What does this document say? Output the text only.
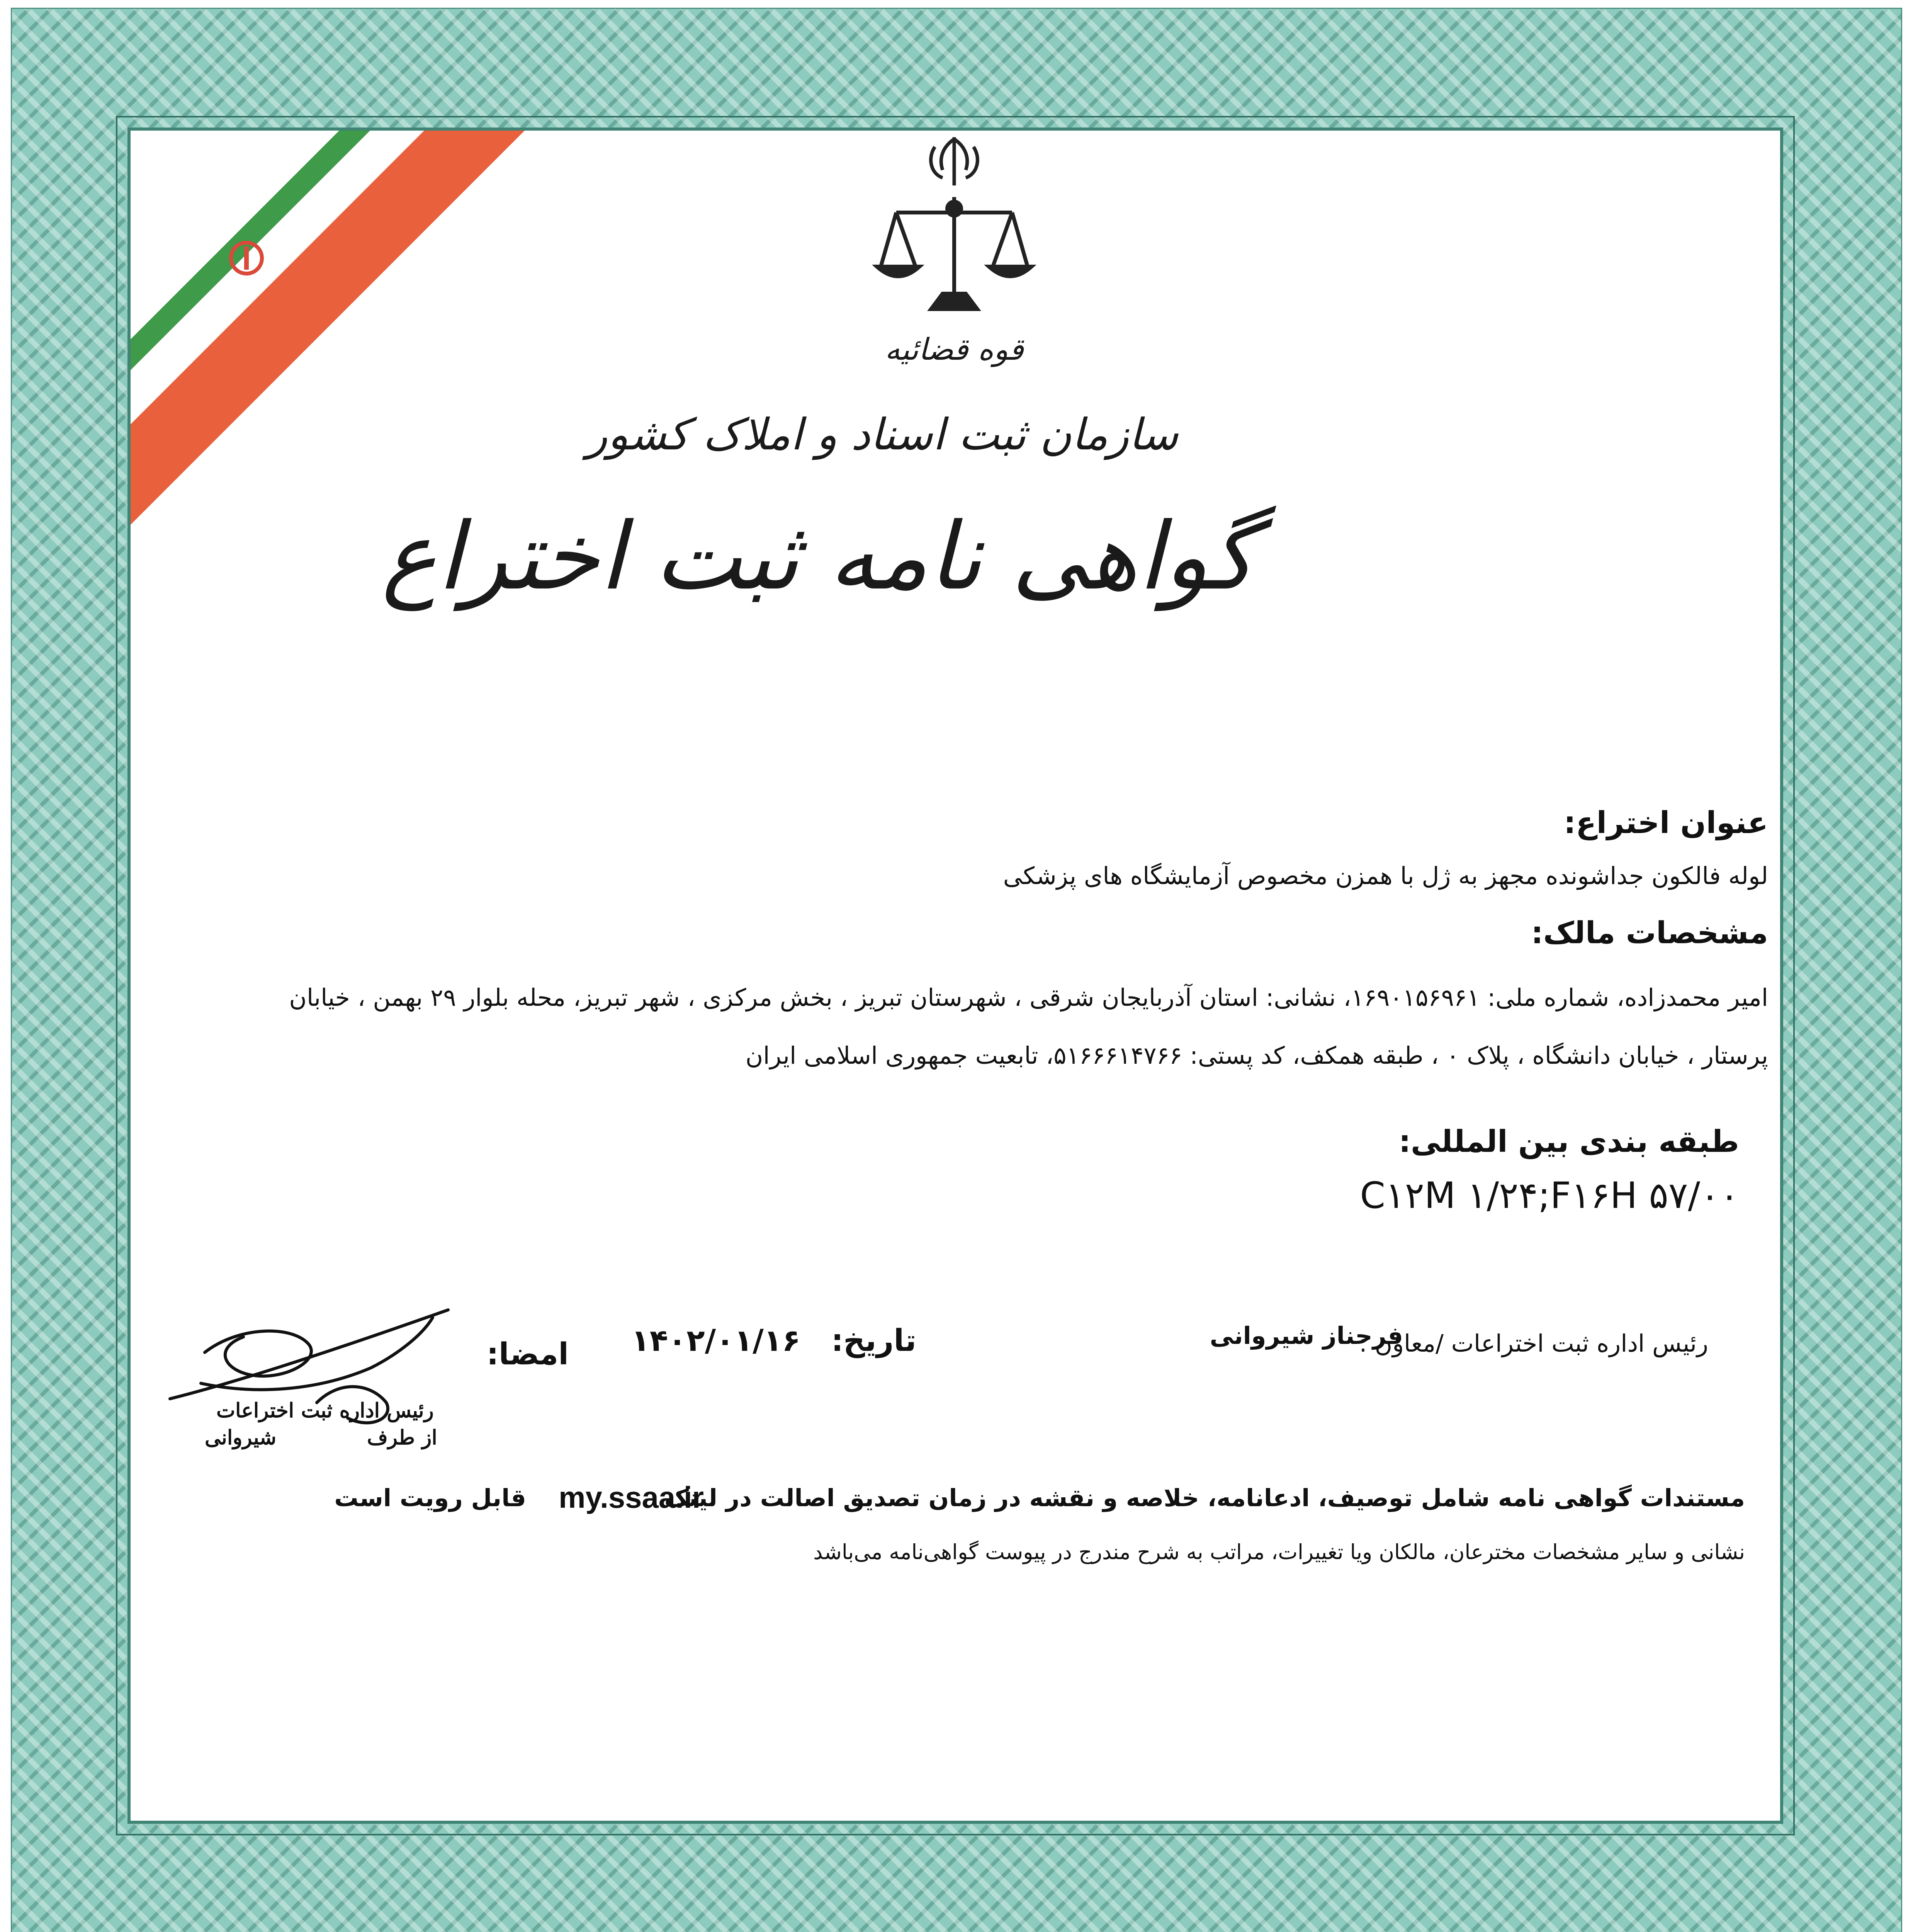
قوه قضائیه
سازمان ثبت اسناد و املاک کشور
گواهی نامه ثبت اختراع
عنوان اختراع:
لوله فالکون جداشونده مجهز به ژل با همزن مخصوص آزمایشگاه های پزشکی
مشخصات مالک:
امیر محمدزاده، شماره ملی: ۱۶۹۰۱۵۶۹۶۱، نشانی: استان آذربایجان شرقی ، شهرستان تبریز ، بخش مرکزی ، شهر تبریز، محله بلوار ۲۹ بهمن ، خیابان
پرستار ، خیابان دانشگاه ، پلاک ۰ ، طبقه همکف، کد پستی: ۵۱۶۶۶۱۴۷۶۶، تابعیت جمهوری اسلامی ایران
طبقه بندی بین المللی:
C۱۲M ۱/۲۴;F۱۶H ۵۷/۰۰
رئیس اداره ثبت اختراعات /معاون :
فرحناز شیروانی
تاریخ:
۱۴۰۲/۰۱/۱۶
امضا:
رئیس اداره ثبت اختراعات
از طرف
شیروانی
مستندات گواهی نامه شامل توصیف، ادعانامه، خلاصه و نقشه در زمان تصدیق اصالت در لینک
my.ssaa.ir
قابل رویت است
نشانی و سایر مشخصات مخترعان، مالکان ویا تغییرات، مراتب به شرح مندرج در پیوست گواهی‌نامه می‌باشد
